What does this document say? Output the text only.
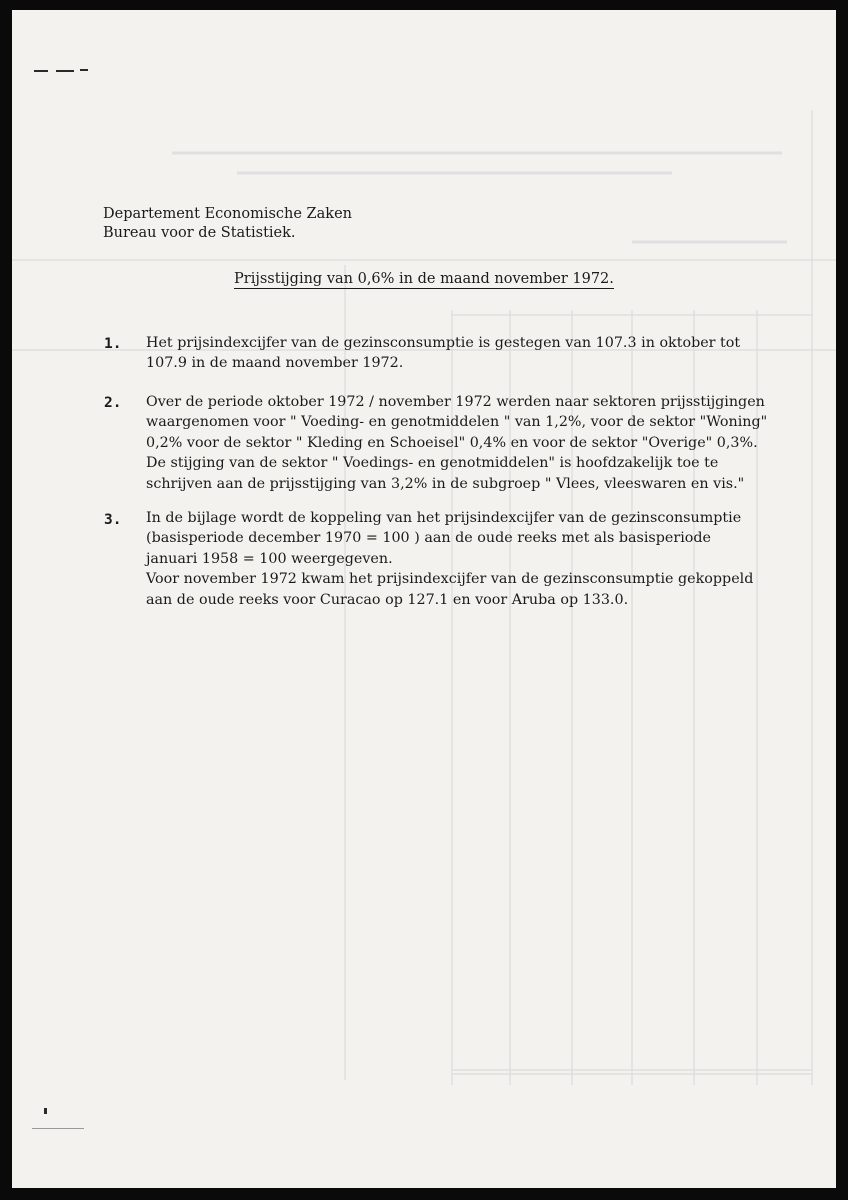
Departement Economische Zaken
Bureau voor de Statistiek.
Prijsstijging van 0,6% in de maand november 1972.
1. Het prijsindexcijfer van de gezinsconsumptie is gestegen van 107.3 in oktober tot
107.9 in de maand november 1972.
2. Over de periode oktober 1972 / november 1972 werden naar sektoren prijsstijgingen
waargenomen voor " Voeding- en genotmiddelen " van 1,2%, voor de sektor "Woning"
0,2% voor de sektor " Kleding en Schoeisel" 0,4% en voor de sektor "Overige" 0,3%.
De stijging van de sektor " Voedings- en genotmiddelen" is hoofdzakelijk toe te
schrijven aan de prijsstijging van 3,2% in de subgroep " Vlees, vleeswaren en vis."
3. In de bijlage wordt de koppeling van het prijsindexcijfer van de gezinsconsumptie
(basisperiode december 1970 = 100 ) aan de oude reeks met als basisperiode
januari 1958 = 100 weergegeven.
Voor november 1972 kwam het prijsindexcijfer van de gezinsconsumptie gekoppeld
aan de oude reeks voor Curacao op 127.1 en voor Aruba op 133.0.
